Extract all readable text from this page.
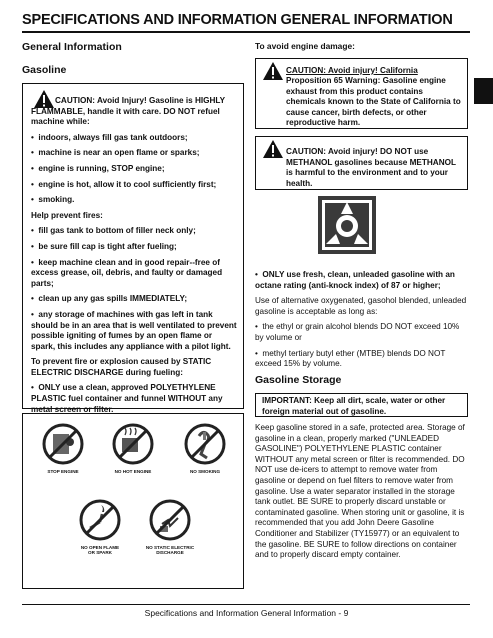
SPECIFICATIONS AND INFORMATION GENERAL INFORMATION
General Information
Gasoline

CAUTION: Avoid Injury! Gasoline is HIGHLY FLAMMABLE, handle it with care. DO NOT refuel machine while:

•  indoors, always fill gas tank outdoors;

•  machine is near an open flame or sparks;

•  engine is running, STOP engine;

•  engine is hot, allow it to cool sufficiently first;

•  smoking.

Help prevent fires:

•  fill gas tank to bottom of filler neck only;

•  be sure fill cap is tight after fueling;

•  keep machine clean and in good repair--free of excess grease, oil, debris, and faulty or damaged parts;

•  clean up any gas spills IMMEDIATELY;

•  any storage of machines with gas left in tank should be in an area that is well ventilated to prevent possible igniting of fumes by an open flame or spark, this includes any appliance with a pilot light.

To prevent fire or explosion caused by STATIC ELECTRIC DISCHARGE during fueling:

•  ONLY use a clean, approved POLYETHYLENE PLASTIC fuel container and funnel WITHOUT any metal screen or filter.

STOP ENGINE	NO HOT ENGINE	NO SMOKING
NO OPEN FLAME
OR SPARK
NO STATIC ELECTRIC
DISCHARGE
To avoid engine damage:
CAUTION: Avoid injury! California
Proposition 65 Warning: Gasoline engine exhaust from this product contains chemicals known to the State of California to cause cancer, birth defects, or other reproductive harm.
CAUTION: Avoid injury! DO NOT use METHANOL gasolines because METHANOL is harmful to the environment and to your health.

•  ONLY use fresh, clean, unleaded gasoline with an octane rating (anti-knock index) of 87 or higher;

Use of alternative oxygenated, gasohol blended, unleaded gasoline is acceptable as long as:

•  the ethyl or grain alcohol blends DO NOT exceed 10% by volume or

•  methyl tertiary butyl ether (MTBE) blends DO NOT exceed 15% by volume.

Gasoline Storage
IMPORTANT: Keep all dirt, scale, water or other foreign material out of gasoline.
Keep gasoline stored in a safe, protected area. Storage of gasoline in a clean, properly marked ("UNLEADED GASOLINE") POLYETHYLENE PLASTIC container WITHOUT any metal screen or filter is recommended. DO NOT use de-icers to attempt to remove water from gasoline or depend on fuel filters to remove water from gasoline. Use a water separator installed in the storage tank outlet. BE SURE to properly discard unstable or contaminated gasoline. When storing unit or gasoline, it is recommended that you add John Deere Gasoline Conditioner and Stabilizer (TY15977) or an equivalent to the gasoline. BE SURE to follow directions on container and to properly discard empty container.
Specifications and Information General Information - 9
